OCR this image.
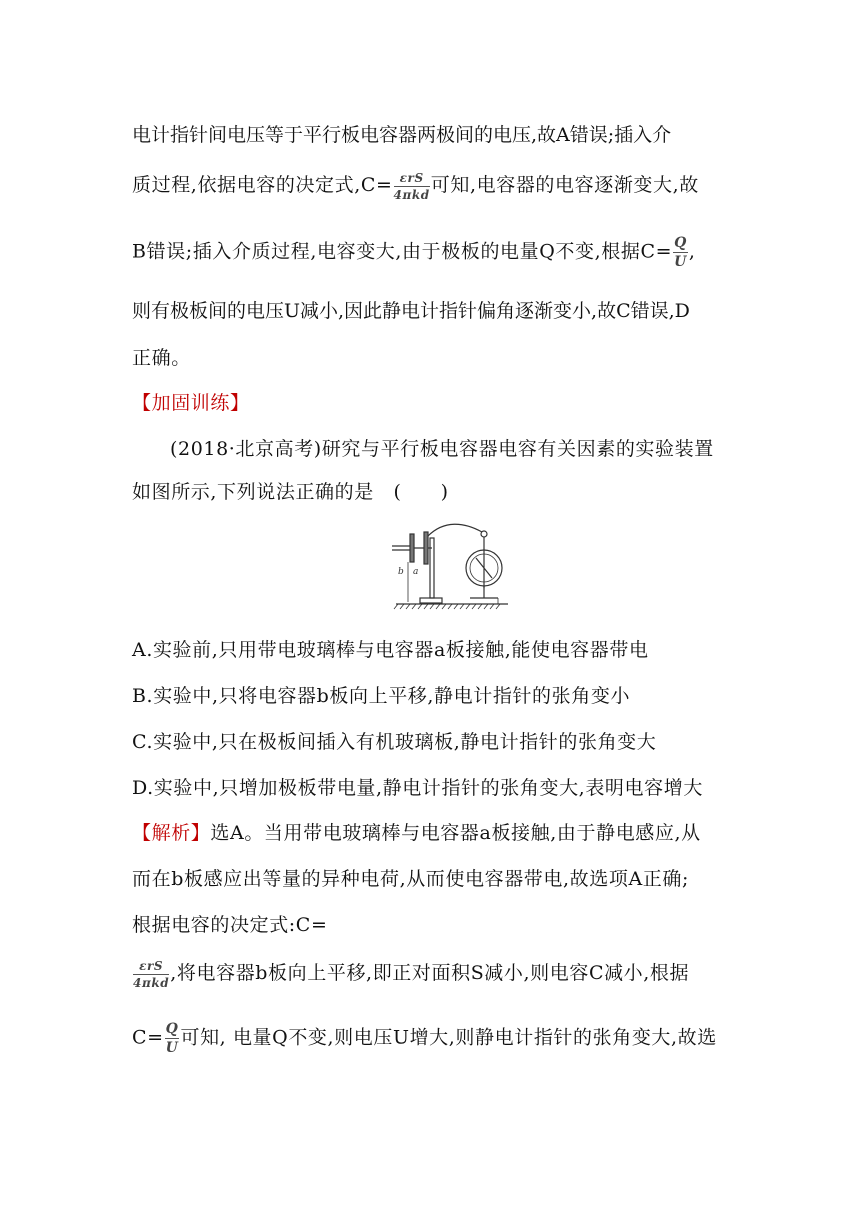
电计指针间电压等于平行板电容器两极间的电压,故A错误;插入介
质过程,依据电容的决定式$,C= \frac{\text{εrS}}{\text{4πkd}}$ 可知,电容器的电容逐渐变大,故
B错误;插入介质过程,电容变大,由于极板的电量Q不变,根据$C= \frac{Q}{U}$ ,
则有极板间的电压U减小,因此静电计指针偏角逐渐变小,故C错误,D
正确。
【加固训练】
(2018·北京高考)研究与平行板电容器电容有关因素的实验装置
如图所示,下列说法正确的是　(　　)
b a
A.实验前,只用带电玻璃棒与电容器a板接触,能使电容器带电
B.实验中,只将电容器b板向上平移,静电计指针的张角变小
C.实验中,只在极板间插入有机玻璃板,静电计指针的张角变大
D.实验中,只增加极板带电量,静电计指针的张角变大,表明电容增大
【解析】选A。当用带电玻璃棒与电容器a板接触,由于静电感应,从
而在b板感应出等量的异种电荷,从而使电容器带电,故选项A正确;
根据电容的决定式:C=
$\frac{\text{εrS}}{\text{4πkd}}$ ,将电容器b板向上平移,即正对面积S减小,则电容C减小,根据
$C= \frac{Q}{U}$ 可知, 电量Q不变,则电压U增大,则静电计指针的张角变大,故选
